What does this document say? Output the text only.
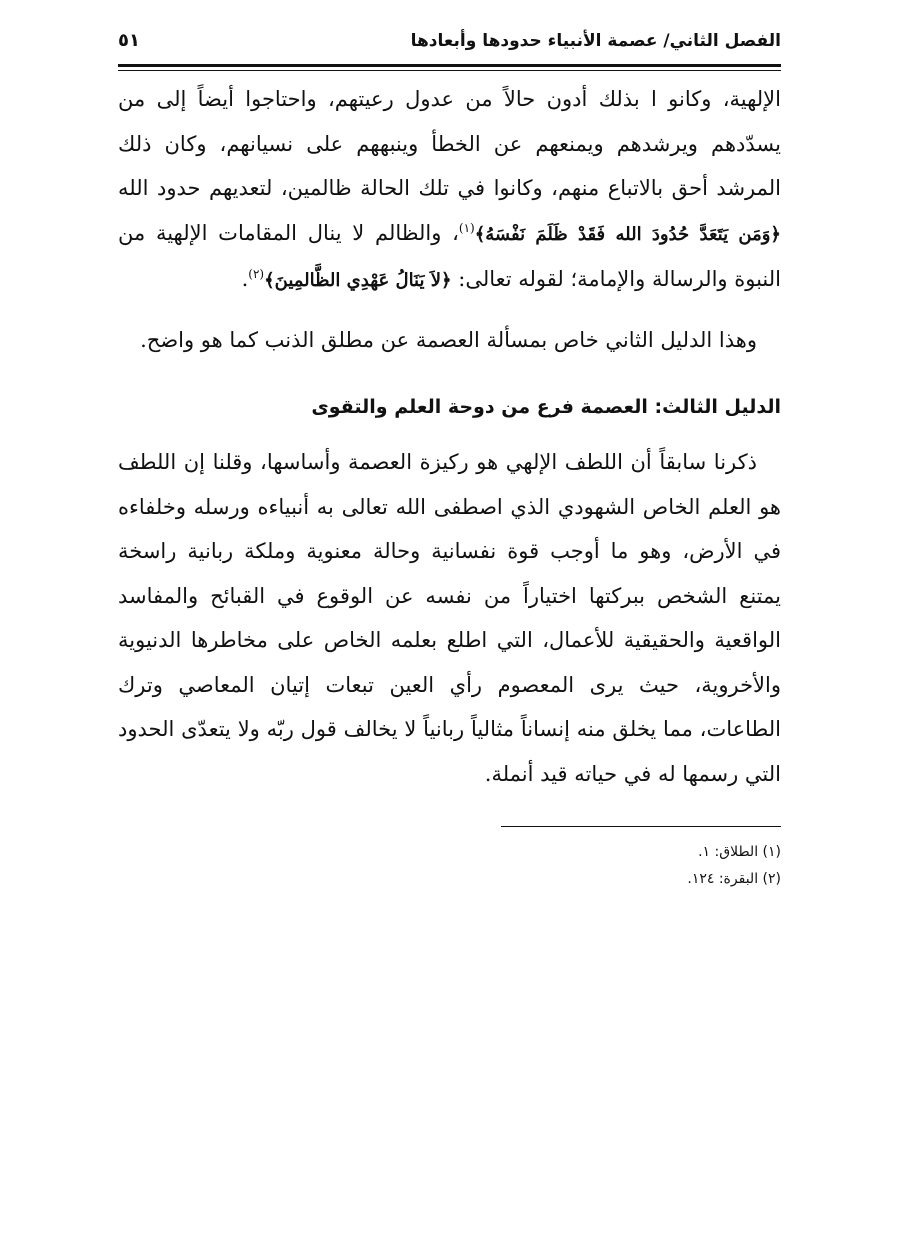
الفصل الثاني/ عصمة الأنبياء حدودها وأبعادها
٥١

الإلهية، وكانو ا بذلك أدون حالاً من عدول رعيتهم، واحتاجوا أيضاً إلى من يسدّدهم ويرشدهم ويمنعهم عن الخطأ وينبههم على نسيانهم، وكان ذلك المرشد أحق بالاتباع منهم، وكانوا في تلك الحالة ظالمين، لتعديهم حدود الله ﴿وَمَن يَتَعَدَّ حُدُودَ الله فَقَدْ ظَلَمَ نَفْسَهُ﴾$^{(١)}$، والظالم لا ينال المقامات الإلهية من النبوة والرسالة والإمامة؛ لقوله تعالى: ﴿لاَ يَنَالُ عَهْدِي الظَّالمِينَ﴾$^{(٢)}$.

وهذا الدليل الثاني خاص بمسألة العصمة عن مطلق الذنب كما هو واضح.

الدليل الثالث: العصمة فرع من دوحة العلم والتقوى

ذكرنا سابقاً أن اللطف الإلهي هو ركيزة العصمة وأساسها، وقلنا إن اللطف هو العلم الخاص الشهودي الذي اصطفى الله تعالى به أنبياءه ورسله وخلفاءه في الأرض، وهو ما أوجب قوة نفسانية وحالة معنوية وملكة ربانية راسخة يمتنع الشخص ببركتها اختياراً من نفسه عن الوقوع في القبائح والمفاسد الواقعية والحقيقية للأعمال، التي اطلع بعلمه الخاص على مخاطرها الدنيوية والأخروية، حيث يرى المعصوم رأي العين تبعات إتيان المعاصي وترك الطاعات، مما يخلق منه إنساناً مثالياً ربانياً لا يخالف قول ربّه ولا يتعدّى الحدود التي رسمها له في حياته قيد أنملة.

(١) الطلاق: ١.
(٢) البقرة: ١٢٤.
